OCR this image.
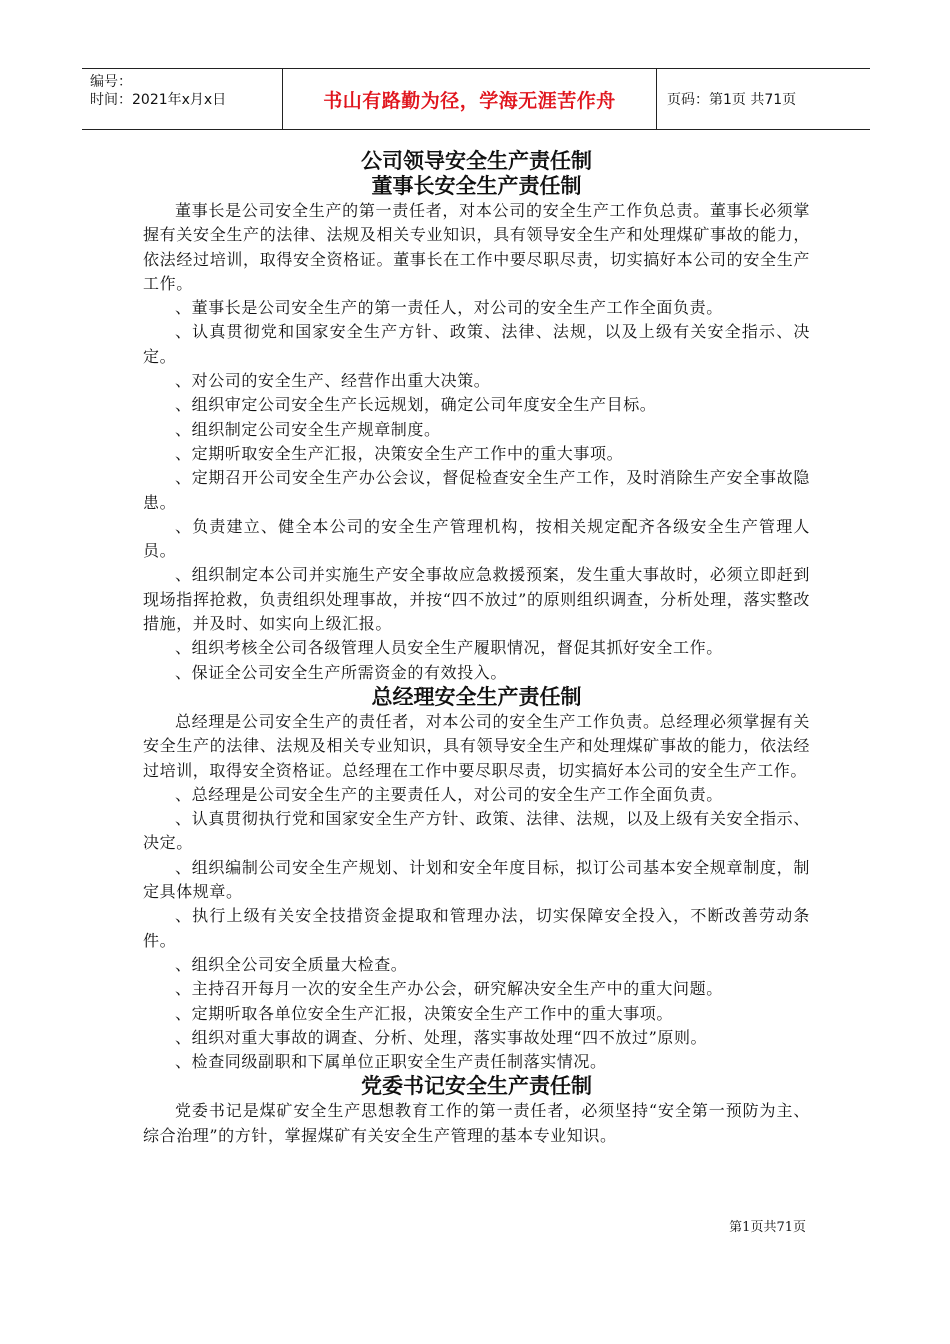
编号：
时间：2021年x月x日	书山有路勤为径，学海无涯苦作舟	页码：第1页 共71页
公司领导安全生产责任制
董事长安全生产责任制

董事长是公司安全生产的第一责任者，对本公司的安全生产工作负总责。董事长必须掌握有关安全生产的法律、法规及相关专业知识，具有领导安全生产和处理煤矿事故的能力，依法经过培训，取得安全资格证。董事长在工作中要尽职尽责，切实搞好本公司的安全生产工作。

、董事长是公司安全生产的第一责任人，对公司的安全生产工作全面负责。

、认真贯彻党和国家安全生产方针、政策、法律、法规，以及上级有关安全指示、决定。

、对公司的安全生产、经营作出重大决策。

、组织审定公司安全生产长远规划，确定公司年度安全生产目标。

、组织制定公司安全生产规章制度。

、定期听取安全生产汇报，决策安全生产工作中的重大事项。

、定期召开公司安全生产办公会议，督促检查安全生产工作，及时消除生产安全事故隐患。

、负责建立、健全本公司的安全生产管理机构，按相关规定配齐各级安全生产管理人员。

、组织制定本公司并实施生产安全事故应急救援预案，发生重大事故时，必须立即赶到现场指挥抢救，负责组织处理事故，并按“四不放过”的原则组织调查，分析处理，落实整改措施，并及时、如实向上级汇报。

、组织考核全公司各级管理人员安全生产履职情况，督促其抓好安全工作。

、保证全公司安全生产所需资金的有效投入。

总经理安全生产责任制

总经理是公司安全生产的责任者，对本公司的安全生产工作负责。总经理必须掌握有关安全生产的法律、法规及相关专业知识，具有领导安全生产和处理煤矿事故的能力，依法经过培训，取得安全资格证。总经理在工作中要尽职尽责，切实搞好本公司的安全生产工作。

、总经理是公司安全生产的主要责任人，对公司的安全生产工作全面负责。

、认真贯彻执行党和国家安全生产方针、政策、法律、法规，以及上级有关安全指示、决定。

、组织编制公司安全生产规划、计划和安全年度目标，拟订公司基本安全规章制度，制定具体规章。

、执行上级有关安全技措资金提取和管理办法，切实保障安全投入，不断改善劳动条件。

、组织全公司安全质量大检查。

、主持召开每月一次的安全生产办公会，研究解决安全生产中的重大问题。

、定期听取各单位安全生产汇报，决策安全生产工作中的重大事项。

、组织对重大事故的调查、分析、处理，落实事故处理“四不放过”原则。

、检查同级副职和下属单位正职安全生产责任制落实情况。

党委书记安全生产责任制

党委书记是煤矿安全生产思想教育工作的第一责任者，必须坚持“安全第一预防为主、综合治理”的方针，掌握煤矿有关安全生产管理的基本专业知识。

第1页共71页
